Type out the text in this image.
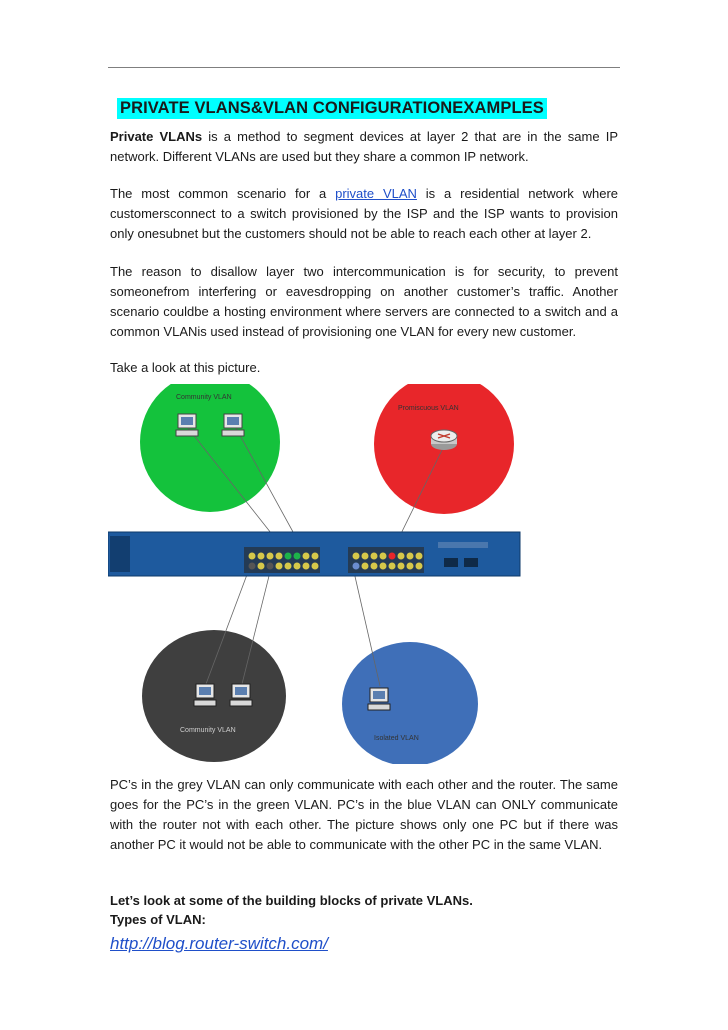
PRIVATE VLANS&VLAN CONFIGURATIONEXAMPLES

Private VLANs is a method to segment devices at layer 2 that are in the same IP network. Different VLANs are used but they share a common IP network.

The most common scenario for a private VLAN is a residential network where customersconnect to a switch provisioned by the ISP and the ISP wants to provision only onesubnet but the customers should not be able to reach each other at layer 2.

The reason to disallow layer two intercommunication is for security, to prevent someonefrom interfering or eavesdropping on another customer’s traffic. Another scenario couldbe a hosting environment where servers are connected to a switch and a common VLANis used instead of provisioning one VLAN for every new customer.

Take a look at this picture.

Community VLAN
Promiscuous VLAN
Community VLAN
Isolated VLAN

PC’s in the grey VLAN can only communicate with each other and the router. The same goes for the PC’s in the green VLAN. PC’s in the blue VLAN can ONLY communicate with the router not with each other. The picture shows only one PC but if there was another PC it would not be able to communicate with the other PC in the same VLAN.

Let’s look at some of the building blocks of private VLANs.
Types of VLAN:
http://blog.router-switch.com/
